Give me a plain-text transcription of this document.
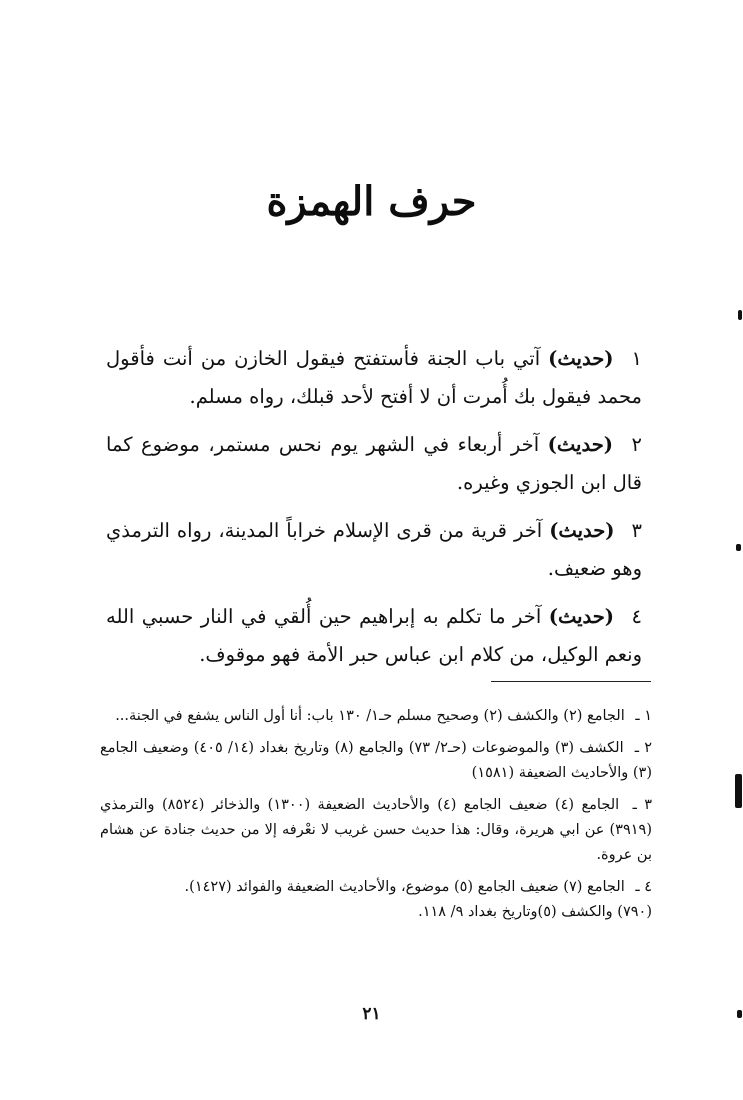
حرف الهمزة

١ (حديث) آتي باب الجنة فأستفتح فيقول الخازن من أنت فأقول محمد فيقول بك أُمرت أن لا أفتح لأحد قبلك، رواه مسلم.

٢ (حديث) آخر أربعاء في الشهر يوم نحس مستمر، موضوع كما قال ابن الجوزي وغيره.

٣ (حديث) آخر قرية من قرى الإسلام خراباً المدينة، رواه الترمذي وهو ضعيف.

٤ (حديث) آخر ما تكلم به إبراهيم حين أُلقي في النار حسبي الله ونعم الوكيل، من كلام ابن عباس حبر الأمة فهو موقوف.

١ ـ الجامع (٢) والكشف (٢) وصحيح مسلم حـ١/ ١٣٠ باب: أنا أول الناس يشفع في الجنة...

٢ ـ الكشف (٣) والموضوعات (حـ٢/ ٧٣) والجامع (٨) وتاريخ بغداد (١٤/ ٤٠٥) وضعيف الجامع (٣) والأحاديث الضعيفة (١٥٨١)

٣ ـ الجامع (٤) ضعيف الجامع (٤) والأحاديث الضعيفة (١٣٠٠) والذخائر (٨٥٢٤) والترمذي (٣٩١٩) عن ابي هريرة، وقال: هذا حديث حسن غريب لا نعْرفه إلا من حديث جنادة عن هشام بن عروة.

٤ ـ الجامع (٧) ضعيف الجامع (٥) موضوع، والأحاديث الضعيفة والفوائد (١٤٢٧).
(٧٩٠) والكشف (٥)وتاريخ بغداد ٩/ ١١٨.

٢١
